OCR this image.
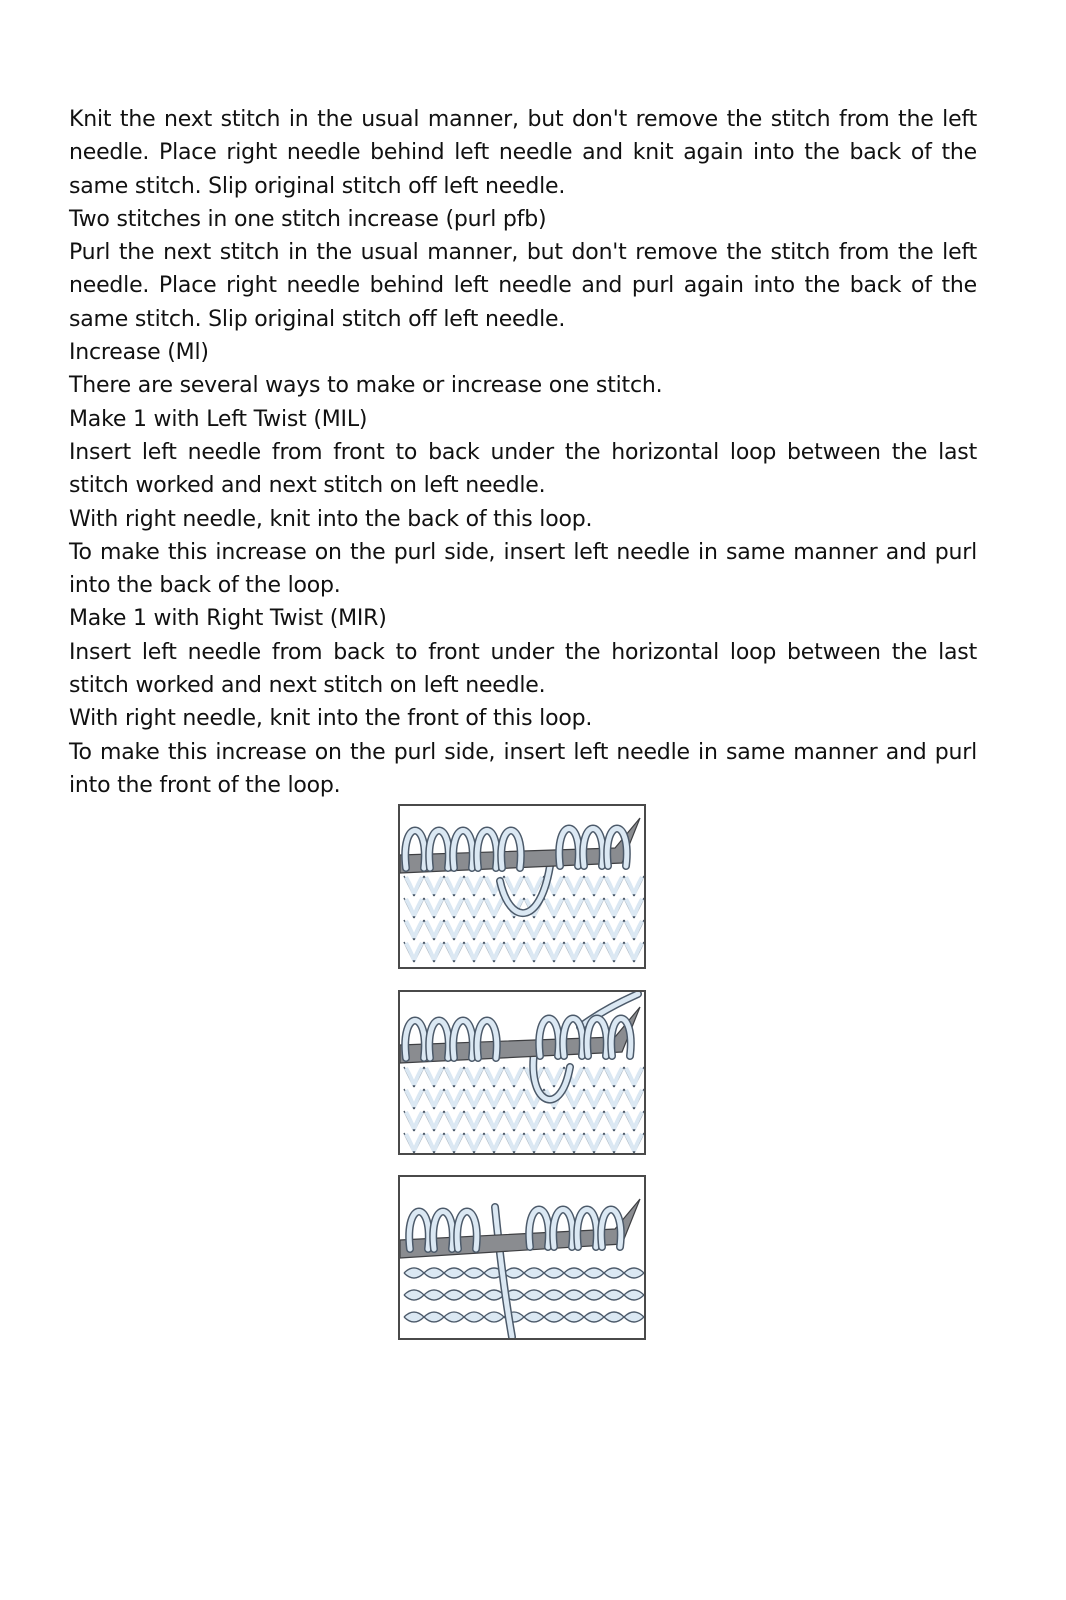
Knit the next stitch in the usual manner, but don't remove the stitch from the left needle. Place right needle behind left needle and knit again into the back of the same stitch. Slip original stitch off left needle.

Two stitches in one stitch increase (purl pfb)

Purl the next stitch in the usual manner, but don't remove the stitch from the left needle. Place right needle behind left needle and purl again into the back of the same stitch. Slip original stitch off left needle.

Increase (Ml)

There are several ways to make or increase one stitch.

Make 1 with Left Twist (MIL)

Insert left needle from front to back under the horizontal loop between the last stitch worked and next stitch on left needle.

With right needle, knit into the back of this loop.

To make this increase on the purl side, insert left needle in same manner and purl into the back of the loop.

Make 1 with Right Twist (MIR)

Insert left needle from back to front under the horizontal loop between the last stitch worked and next stitch on left needle.

With right needle, knit into the front of this loop.

To make this increase on the purl side, insert left needle in same manner and purl into the front of the loop.
